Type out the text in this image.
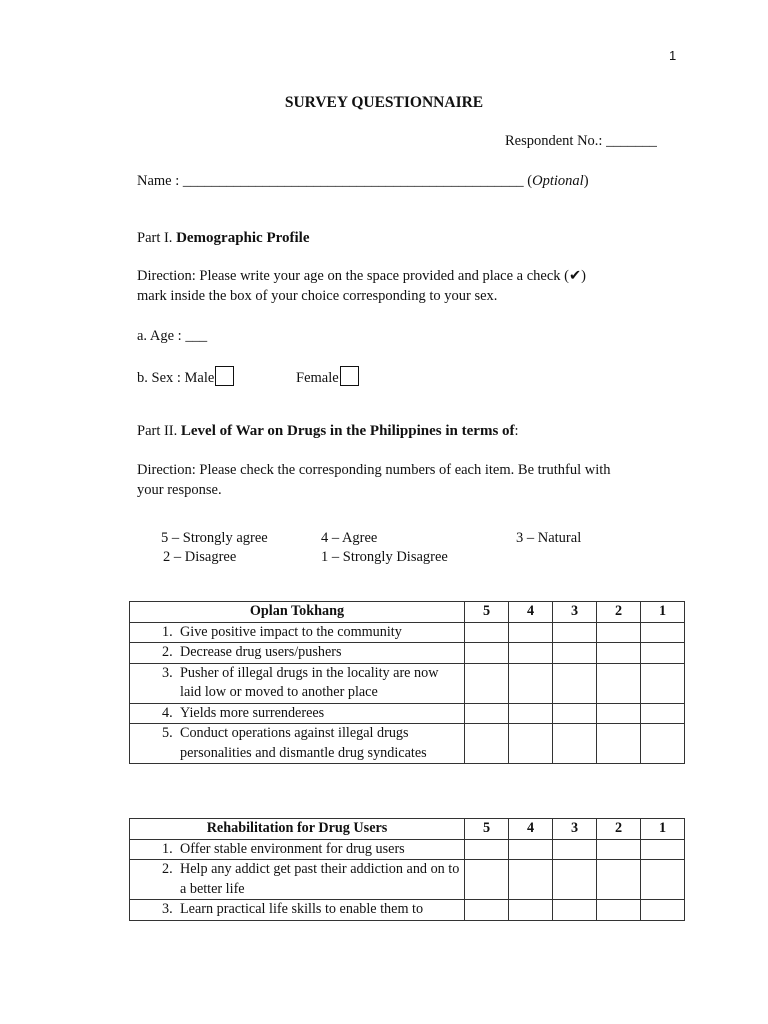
1
SURVEY QUESTIONNAIRE
Respondent No.: _______
Name : _______________________________________________ (Optional)
Part I. Demographic Profile
Direction: Please write your age on the space provided and place a check (✔)
mark inside the box of your choice corresponding to your sex.
a. Age : ___
b. Sex : Male	Female
Part II. Level of War on Drugs in the Philippines in terms of:
Direction: Please check the corresponding numbers of each item. Be truthful with
your response.
5 – Strongly agree	4 – Agree	3 – Natural
2 – Disagree	1 – Strongly Disagree
Oplan Tokhang	5	4	3	2	1
1. Give positive impact to the community					
2. Decrease drug users/pushers					
3. Pusher of illegal drugs in the locality are now laid low or moved to another place					
4. Yields more surrenderees					
5. Conduct operations against illegal drugs personalities and dismantle drug syndicates					
Rehabilitation for Drug Users	5	4	3	2	1
1. Offer stable environment for drug users					
2. Help any addict get past their addiction and on to a better life					
3. Learn practical life skills to enable them to					
